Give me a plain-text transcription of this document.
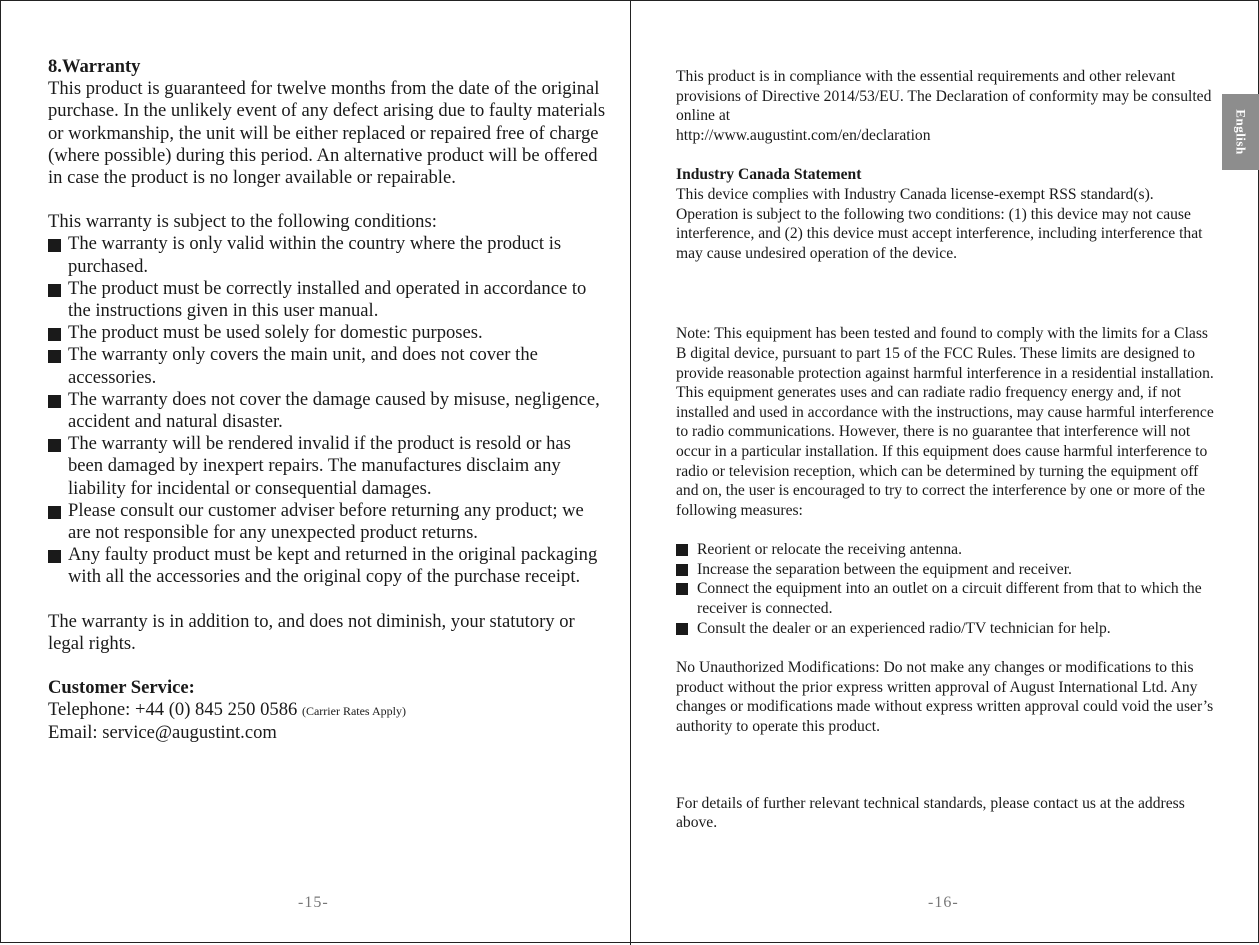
8.Warranty

This product is guaranteed for twelve months from the date of the original purchase. In the unlikely event of any defect arising due to faulty materials or workmanship, the unit will be either replaced or repaired free of charge (where possible) during this period. An alternative product will be offered in case the product is no longer available or repairable.

This warranty is subject to the following conditions:

The warranty is only valid within the country where the product is purchased.
The product must be correctly installed and operated in accordance to the instructions given in this user manual.
The product must be used solely for domestic purposes.
The warranty only covers the main unit, and does not cover the accessories.
The warranty does not cover the damage caused by misuse, negligence, accident and natural disaster.
The warranty will be rendered invalid if the product is resold or has been damaged by inexpert repairs. The manufactures disclaim any liability for incidental or consequential damages.
Please consult our customer adviser before returning any product; we are not responsible for any unexpected product returns.
Any faulty product must be kept and returned in the original packaging with all the accessories and the original copy of the purchase receipt.

The warranty is in addition to, and does not diminish, your statutory or legal rights.

Customer Service:

Telephone: +44 (0) 845 250 0586 (Carrier Rates Apply)

Email: service@augustint.com

-15-

This product is in compliance with the essential requirements and other relevant provisions of Directive 2014/53/EU. The Declaration of conformity may be consulted online at

http://www.augustint.com/en/declaration

Industry Canada Statement

This device complies with Industry Canada license-exempt RSS standard(s). Operation is subject to the following two conditions: (1) this device may not cause interference, and (2) this device must accept interference, including interference that may cause undesired operation of the device.

Note: This equipment has been tested and found to comply with the limits for a Class B digital device, pursuant to part 15 of the FCC Rules. These limits are designed to provide reasonable protection against harmful interference in a residential installation. This equipment generates uses and can radiate radio frequency energy and, if not installed and used in accordance with the instructions, may cause harmful interference to radio communications. However, there is no guarantee that interference will not occur in a particular installation. If this equipment does cause harmful interference to radio or television reception, which can be determined by turning the equipment off and on, the user is encouraged to try to correct the interference by one or more of the following measures:

Reorient or relocate the receiving antenna.
Increase the separation between the equipment and receiver.
Connect the equipment into an outlet on a circuit different from that to which the receiver is connected.
Consult the dealer or an experienced radio/TV technician for help.

No Unauthorized Modifications: Do not make any changes or modifications to this product without the prior express written approval of August International Ltd. Any changes or modifications made without express written approval could void the user’s authority to operate this product.

For details of further relevant technical standards, please contact us at the address above.

-16-
English
